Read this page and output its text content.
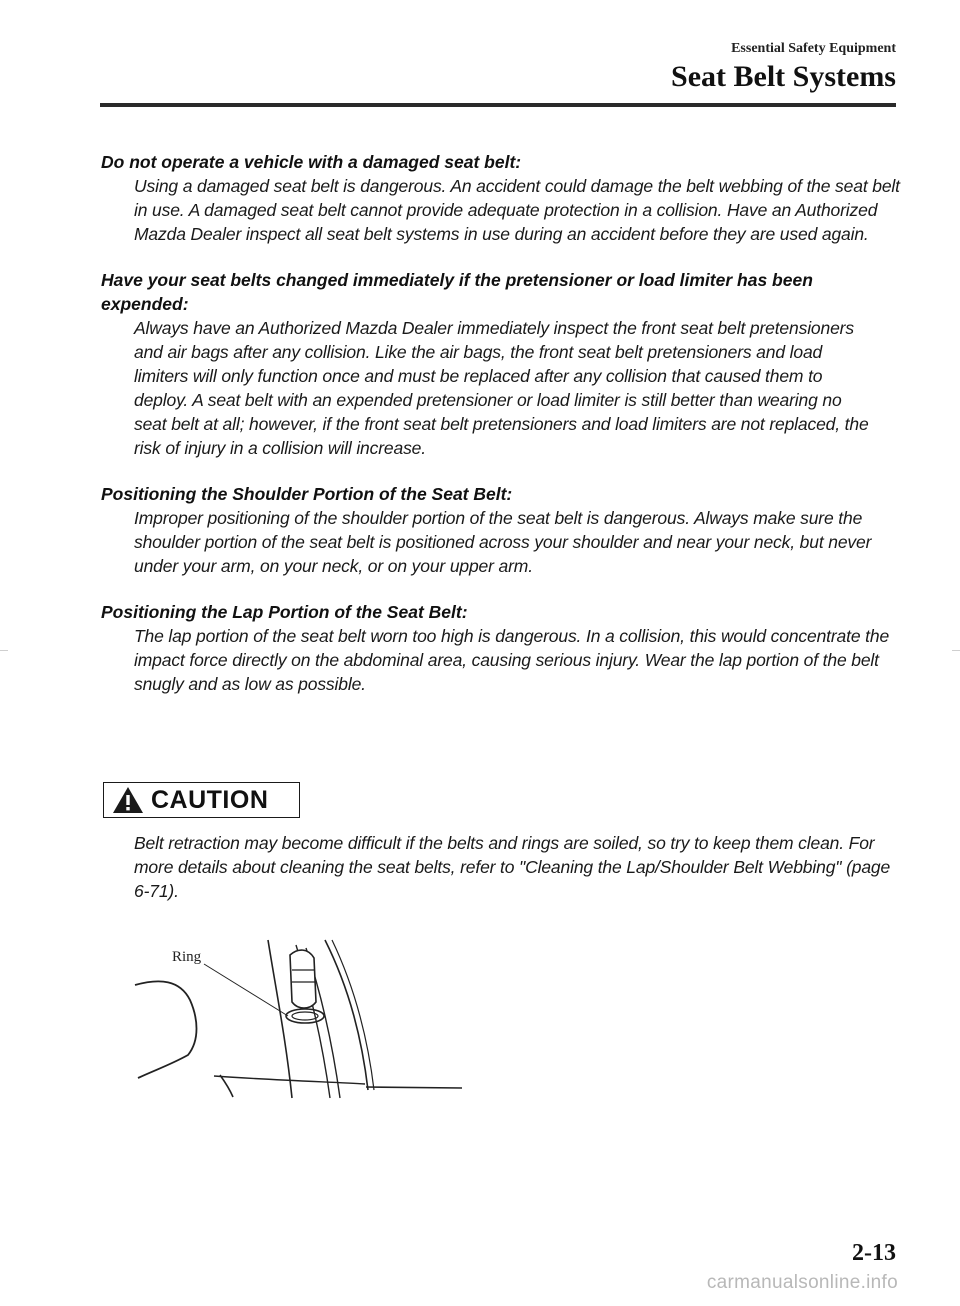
Essential Safety Equipment
Seat Belt Systems

Do not operate a vehicle with a damaged seat belt:

Using a damaged seat belt is dangerous. An accident could damage the belt webbing of the seat belt in use. A damaged seat belt cannot provide adequate protection in a collision. Have an Authorized Mazda Dealer inspect all seat belt systems in use during an accident before they are used again.

Have your seat belts changed immediately if the pretensioner or load limiter has been expended:

Always have an Authorized Mazda Dealer immediately inspect the front seat belt pretensioners and air bags after any collision. Like the air bags, the front seat belt pretensioners and load limiters will only function once and must be replaced after any collision that caused them to deploy. A seat belt with an expended pretensioner or load limiter is still better than wearing no seat belt at all; however, if the front seat belt pretensioners and load limiters are not replaced, the risk of injury in a collision will increase.

Positioning the Shoulder Portion of the Seat Belt:

Improper positioning of the shoulder portion of the seat belt is dangerous. Always make sure the shoulder portion of the seat belt is positioned across your shoulder and near your neck, but never under your arm, on your neck, or on your upper arm.

Positioning the Lap Portion of the Seat Belt:

The lap portion of the seat belt worn too high is dangerous. In a collision, this would concentrate the impact force directly on the abdominal area, causing serious injury. Wear the lap portion of the belt snugly and as low as possible.

CAUTION

Belt retraction may become difficult if the belts and rings are soiled, so try to keep them clean. For more details about cleaning the seat belts, refer to "Cleaning the Lap/Shoulder Belt Webbing" (page 6-71).

Ring
2-13
carmanualsonline.info
